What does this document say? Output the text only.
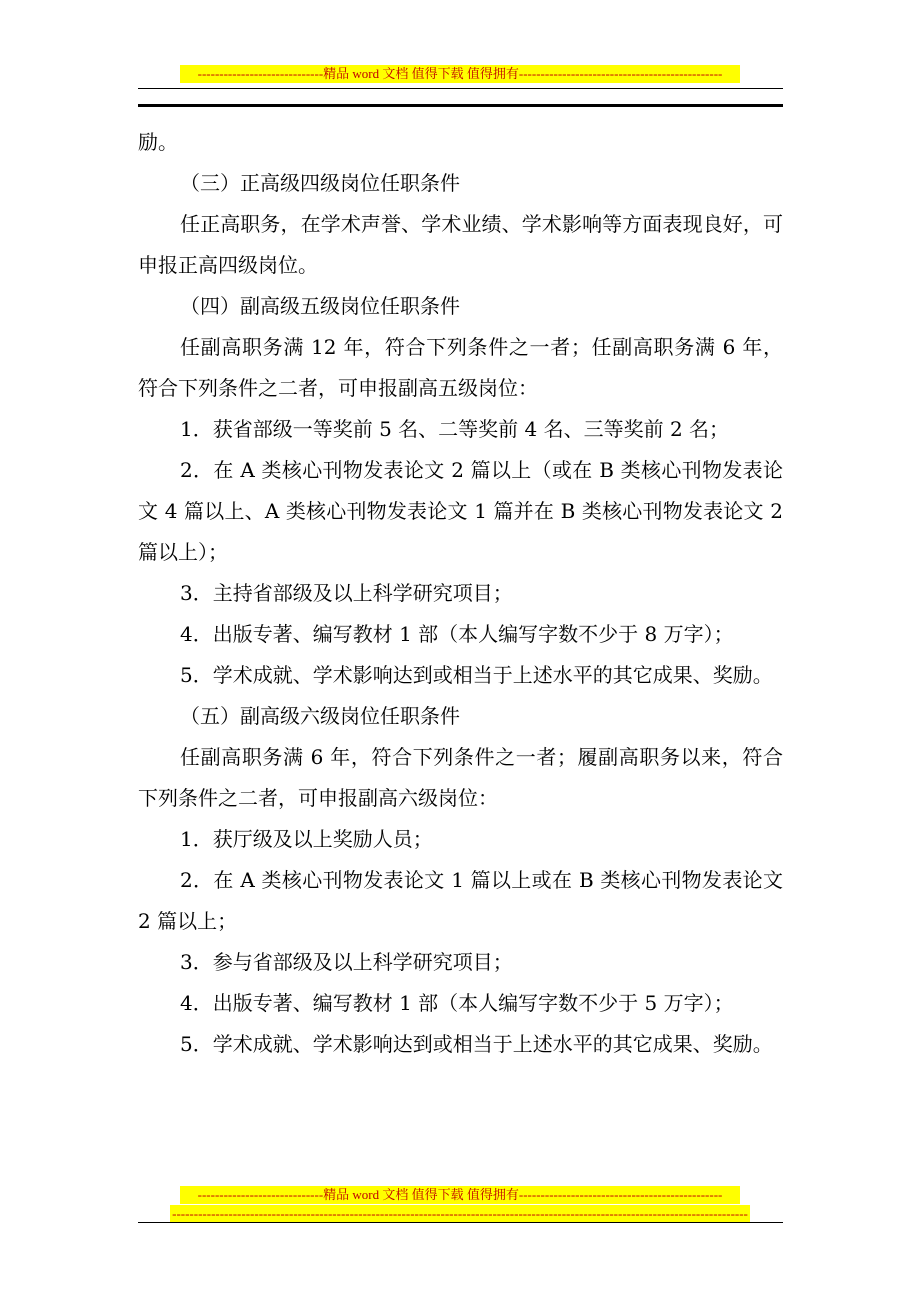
-----------------------------精品 word 文档 值得下载 值得拥有-----------------------------------------------

励。

（三）正高级四级岗位任职条件

任正高职务，在学术声誉、学术业绩、学术影响等方面表现良好，可申报正高四级岗位。

（四）副高级五级岗位任职条件

任副高职务满 12 年，符合下列条件之一者；任副高职务满 6 年，符合下列条件之二者，可申报副高五级岗位：

1．获省部级一等奖前 5 名、二等奖前 4 名、三等奖前 2 名；

2．在 A 类核心刊物发表论文 2 篇以上（或在 B 类核心刊物发表论文 4 篇以上、A 类核心刊物发表论文 1 篇并在 B 类核心刊物发表论文 2 篇以上）；

3．主持省部级及以上科学研究项目；

4．出版专著、编写教材 1 部（本人编写字数不少于 8 万字）；

5．学术成就、学术影响达到或相当于上述水平的其它成果、奖励。

（五）副高级六级岗位任职条件

任副高职务满 6 年，符合下列条件之一者；履副高职务以来，符合下列条件之二者，可申报副高六级岗位：

1．获厅级及以上奖励人员；

2．在 A 类核心刊物发表论文 1 篇以上或在 B 类核心刊物发表论文 2 篇以上；

3．参与省部级及以上科学研究项目；

4．出版专著、编写教材 1 部（本人编写字数不少于 5 万字）；

5．学术成就、学术影响达到或相当于上述水平的其它成果、奖励。

-----------------------------精品 word 文档 值得下载 值得拥有-----------------------------------------------
-------------------------------------------------------------------------------------------------------------------------------------
